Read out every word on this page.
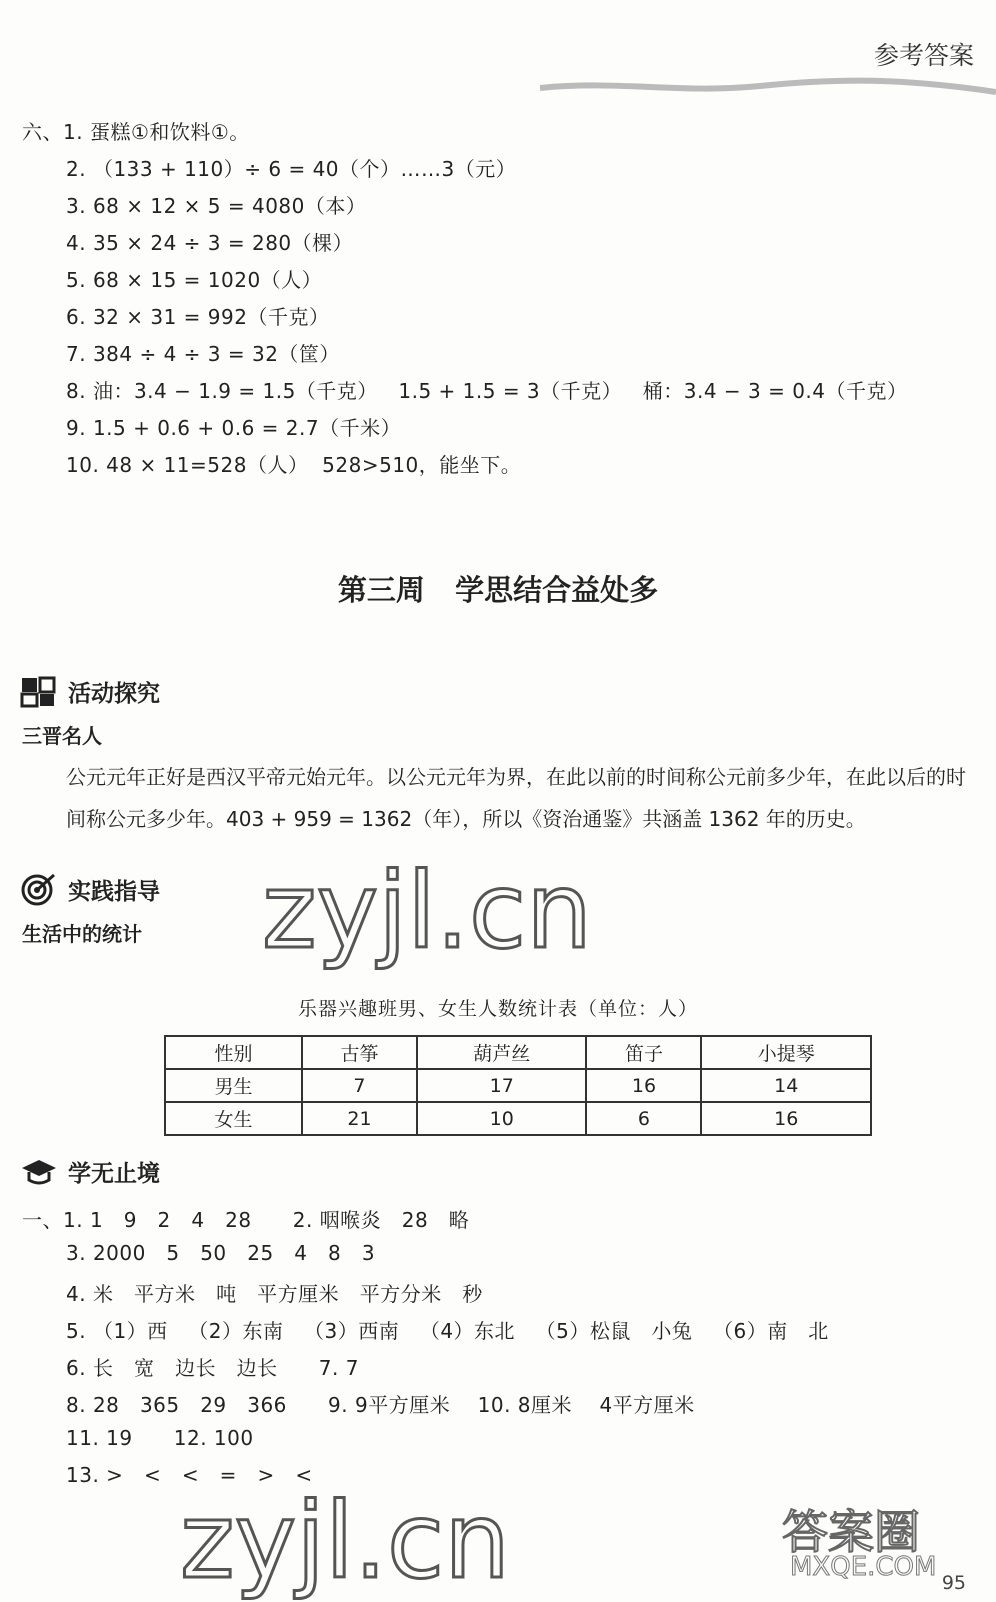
参考答案
六、1. 蛋糕①和饮料①。
2. （133 + 110）÷ 6 = 40（个）……3（元）
3. 68 × 12 × 5 = 4080（本）
4. 35 × 24 ÷ 3 = 280（棵）
5. 68 × 15 = 1020（人）
6. 32 × 31 = 992（千克）
7. 384 ÷ 4 ÷ 3 = 32（筐）
8. 油：3.4 − 1.9 = 1.5（千克）   1.5 + 1.5 = 3（千克）   桶：3.4 − 3 = 0.4（千克）
9. 1.5 + 0.6 + 0.6 = 2.7（千米）
10. 48 × 11=528（人）  528>510，能坐下。
第三周   学思结合益处多
活动探究
三晋名人
公元元年正好是西汉平帝元始元年。以公元元年为界，在此以前的时间称公元前多少年，在此以后的时间称公元多少年。403 + 959 = 1362（年），所以《资治通鉴》共涵盖 1362 年的历史。
实践指导
生活中的统计
乐器兴趣班男、女生人数统计表（单位：人）
性别	古筝	葫芦丝	笛子	小提琴
男生	7	17	16	14
女生	21	10	6	16
学无止境
一、1. 1   9   2   4   28      2. 咽喉炎   28   略
3. 2000   5   50   25   4   8   3
4. 米   平方米   吨   平方厘米   平方分米   秒
5. （1）西   （2）东南   （3）西南   （4）东北   （5）松鼠   小兔   （6）南   北
6. 长   宽   边长   边长      7. 7
8. 28   365   29   366      9. 9平方厘米    10. 8厘米    4平方厘米
11. 19      12. 100
13. >   <   <   =   >   <
zyjl.cn
zyjl.cn	答案圈
MXQE.COM
95
